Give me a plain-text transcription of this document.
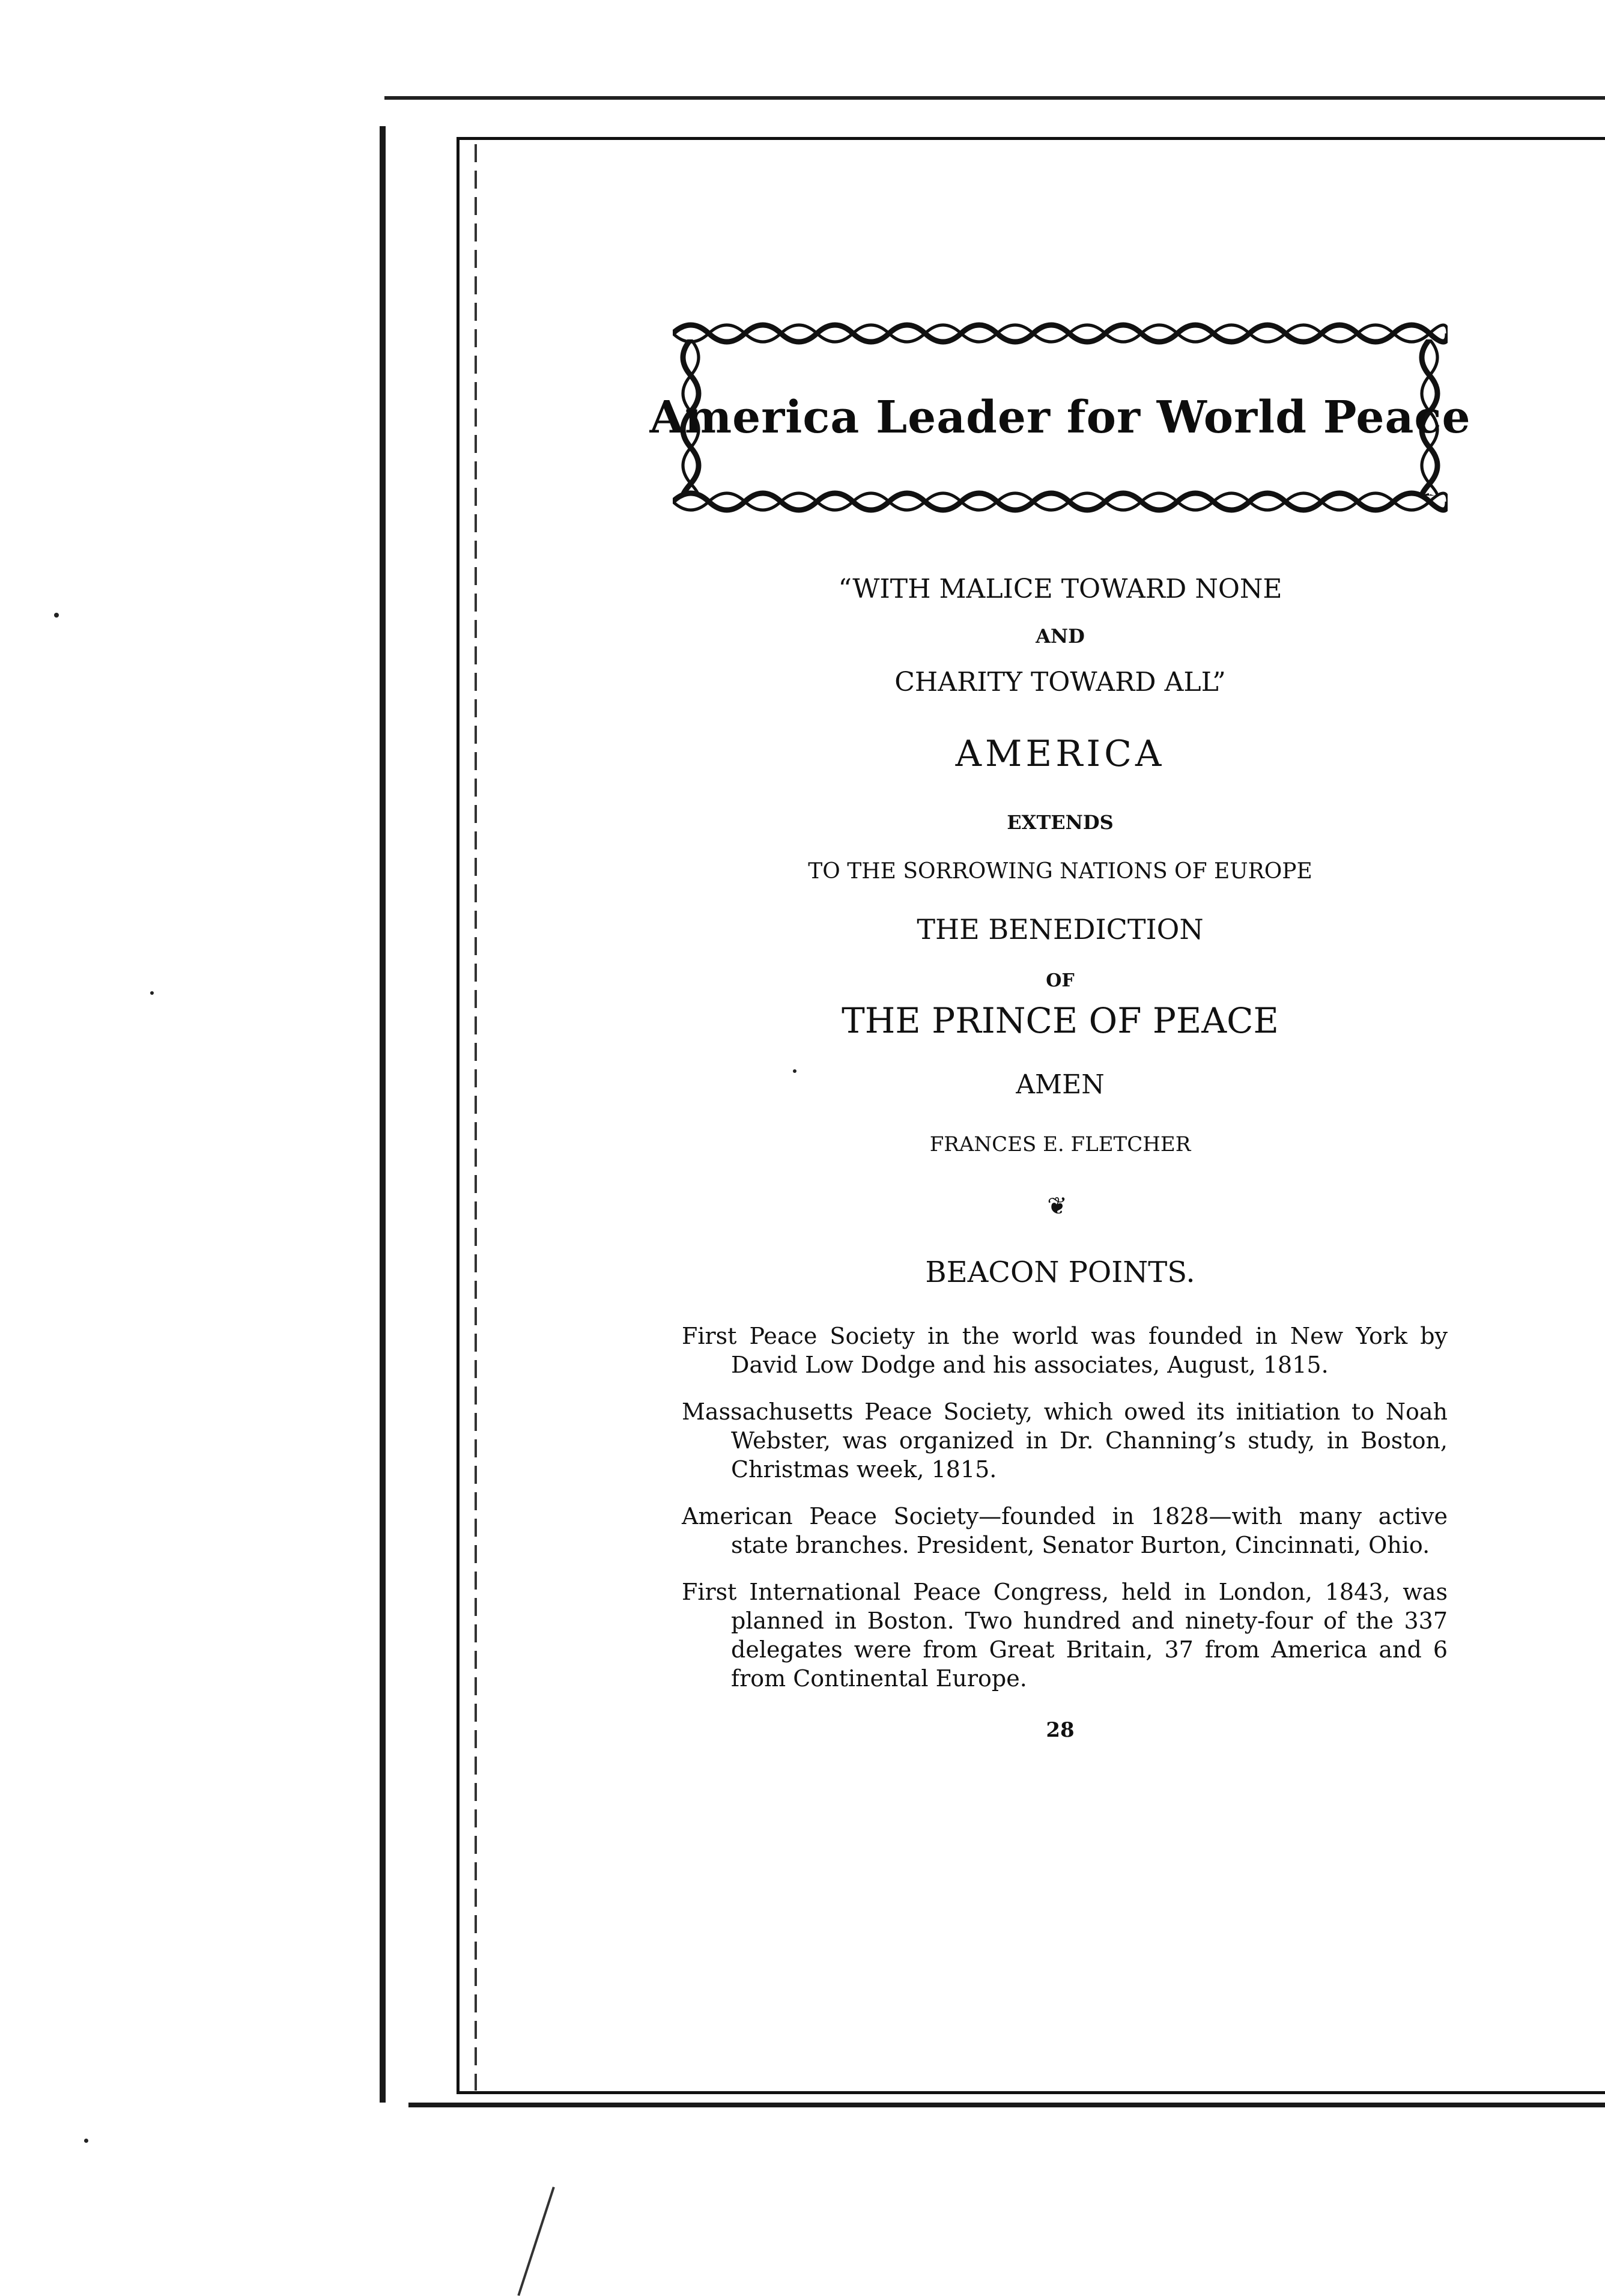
America Leader for World Peace
“WITH MALICE TOWARD NONE
AND
CHARITY TOWARD ALL”
AMERICA
EXTENDS
TO THE SORROWING NATIONS OF EUROPE
THE BENEDICTION
OF
THE PRINCE OF PEACE
AMEN
FRANCES E. FLETCHER
❦
BEACON POINTS.

First Peace Society in the world was founded in New York by David Low Dodge and his associates, August, 1815.

Massachusetts Peace Society, which owed its initiation to Noah Webster, was organized in Dr. Channing’s study, in Boston, Christmas week, 1815.

American Peace Society—founded in 1828—with many active state branches. President, Senator Burton, Cincinnati, Ohio.

First International Peace Congress, held in London, 1843, was planned in Boston. Two hundred and ninety-four of the 337 delegates were from Great Britain, 37 from America and 6 from Continental Europe.

28
